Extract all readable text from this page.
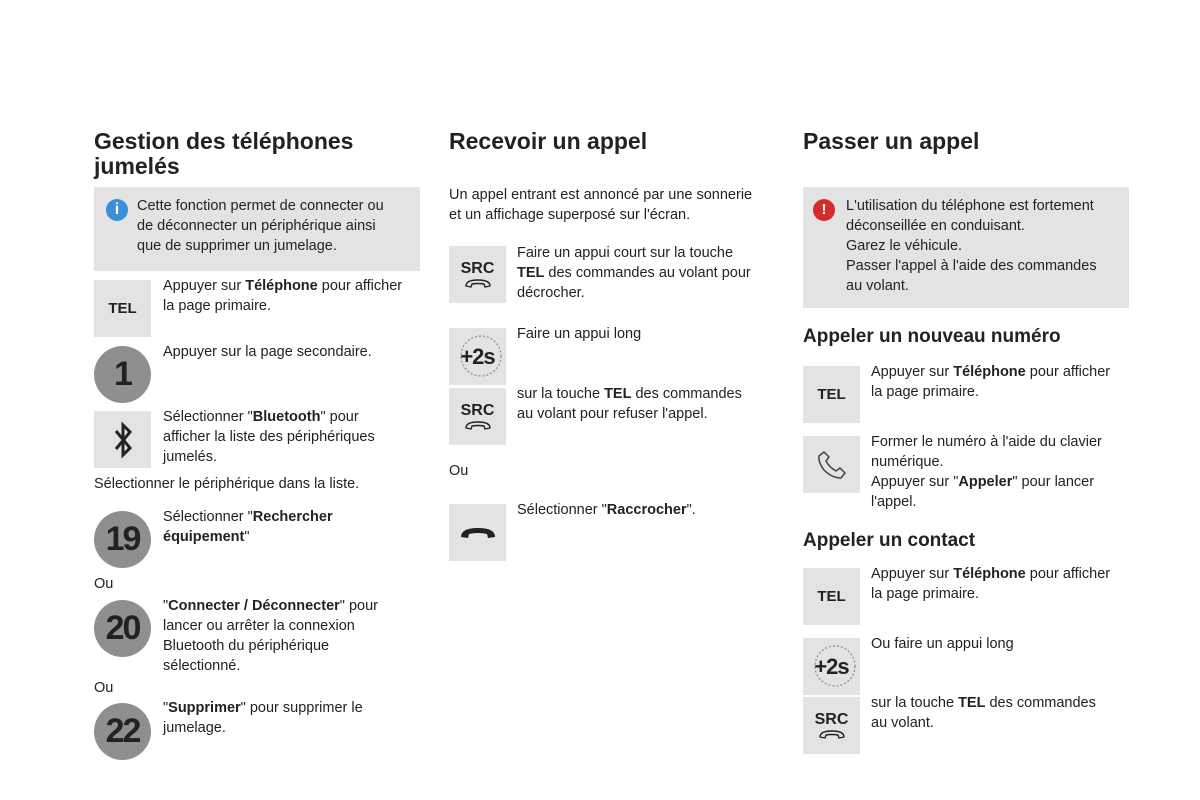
Gestion des téléphones
jumelés
i	Cette fonction permet de connecter ou
de déconnecter un périphérique ainsi
que de supprimer un jumelage.
TEL
Appuyer sur Téléphone pour afficher
la page primaire.
1
Appuyer sur la page secondaire.
Sélectionner "Bluetooth" pour
afficher la liste des périphériques
jumelés.
Sélectionner le périphérique dans la liste.
19
Sélectionner "Rechercher
équipement"
Ou
20
"Connecter / Déconnecter" pour
lancer ou arrêter la connexion
Bluetooth du périphérique
sélectionné.
Ou
22
"Supprimer" pour supprimer le
jumelage.
Recevoir un appel
Un appel entrant est annoncé par une sonnerie
et un affichage superposé sur l'écran.
SRC
Faire un appui court sur la touche
TEL des commandes au volant pour
décrocher.
+2s
Faire un appui long
SRC
sur la touche TEL des commandes
au volant pour refuser l'appel.
Ou
Sélectionner "Raccrocher".
Passer un appel
!	L'utilisation du téléphone est fortement
déconseillée en conduisant.
Garez le véhicule.
Passer l'appel à l'aide des commandes
au volant.
Appeler un nouveau numéro
TEL
Appuyer sur Téléphone pour afficher
la page primaire.
Former le numéro à l'aide du clavier
numérique.
Appuyer sur "Appeler" pour lancer
l'appel.
Appeler un contact
TEL
Appuyer sur Téléphone pour afficher
la page primaire.
+2s
Ou faire un appui long
SRC
sur la touche TEL des commandes
au volant.
